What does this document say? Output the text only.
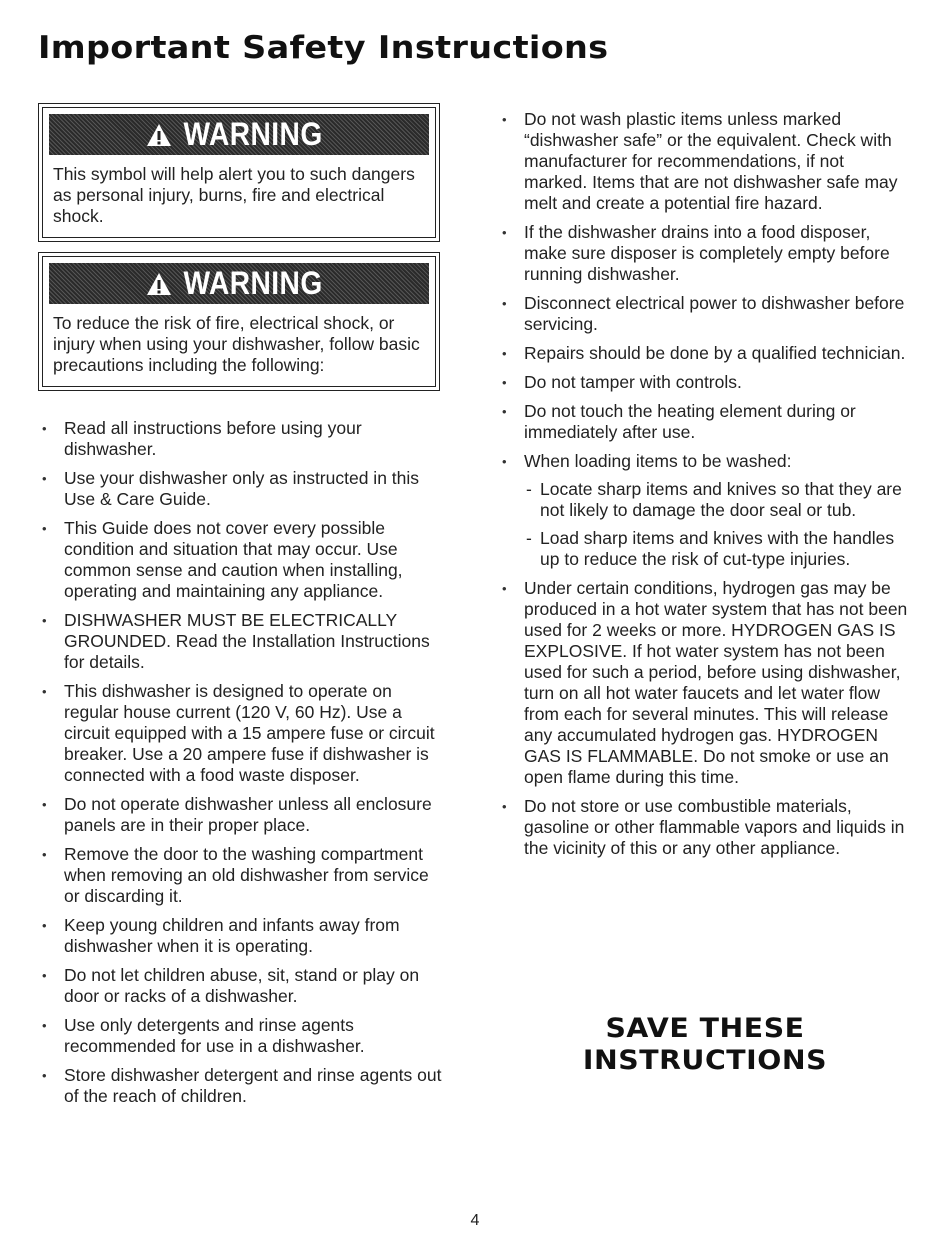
Important Safety Instructions
WARNING

This symbol will help alert you to such dangers as personal injury, burns, fire and electrical shock.

WARNING

To reduce the risk of fire, electrical shock, or injury when using your dishwasher, follow basic precautions including the following:

• Read all instructions before using your dishwasher.
• Use your dishwasher only as instructed in this Use & Care Guide.
• This Guide does not cover every possible condition and situation that may occur. Use common sense and caution when installing, operating and maintaining any appliance.
• DISHWASHER MUST BE ELECTRICALLY GROUNDED. Read the Installation Instructions for details.
• This dishwasher is designed to operate on regular house current (120 V, 60 Hz). Use a circuit equipped with a 15 ampere fuse or circuit breaker. Use a 20 ampere fuse if dishwasher is connected with a food waste disposer.
• Do not operate dishwasher unless all enclosure panels are in their proper place.
• Remove the door to the washing compartment when removing an old dishwasher from service or discarding it.
• Keep young children and infants away from dishwasher when it is operating.
• Do not let children abuse, sit, stand or play on door or racks of a dishwasher.
• Use only detergents and rinse agents recommended for use in a dishwasher.
• Store dishwasher detergent and rinse agents out of the reach of children.
• Do not wash plastic items unless marked “dishwasher safe” or the equivalent. Check with manufacturer for recommendations, if not marked. Items that are not dishwasher safe may melt and create a potential fire hazard.
• If the dishwasher drains into a food disposer, make sure disposer is completely empty before running dishwasher.
• Disconnect electrical power to dishwasher before servicing.
• Repairs should be done by a qualified technician.
• Do not tamper with controls.
• Do not touch the heating element during or immediately after use.
• When loading items to be washed:
- Locate sharp items and knives so that they are not likely to damage the door seal or tub.
- Load sharp items and knives with the handles up to reduce the risk of cut-type injuries.
• Under certain conditions, hydrogen gas may be produced in a hot water system that has not been used for 2 weeks or more. HYDROGEN GAS IS EXPLOSIVE. If hot water system has not been used for such a period, before using dishwasher, turn on all hot water faucets and let water flow from each for several minutes. This will release any accumulated hydrogen gas. HYDROGEN GAS IS FLAMMABLE. Do not smoke or use an open flame during this time.
• Do not store or use combustible materials, gasoline or other flammable vapors and liquids in the vicinity of this or any other appliance.
SAVE THESE
INSTRUCTIONS
4
